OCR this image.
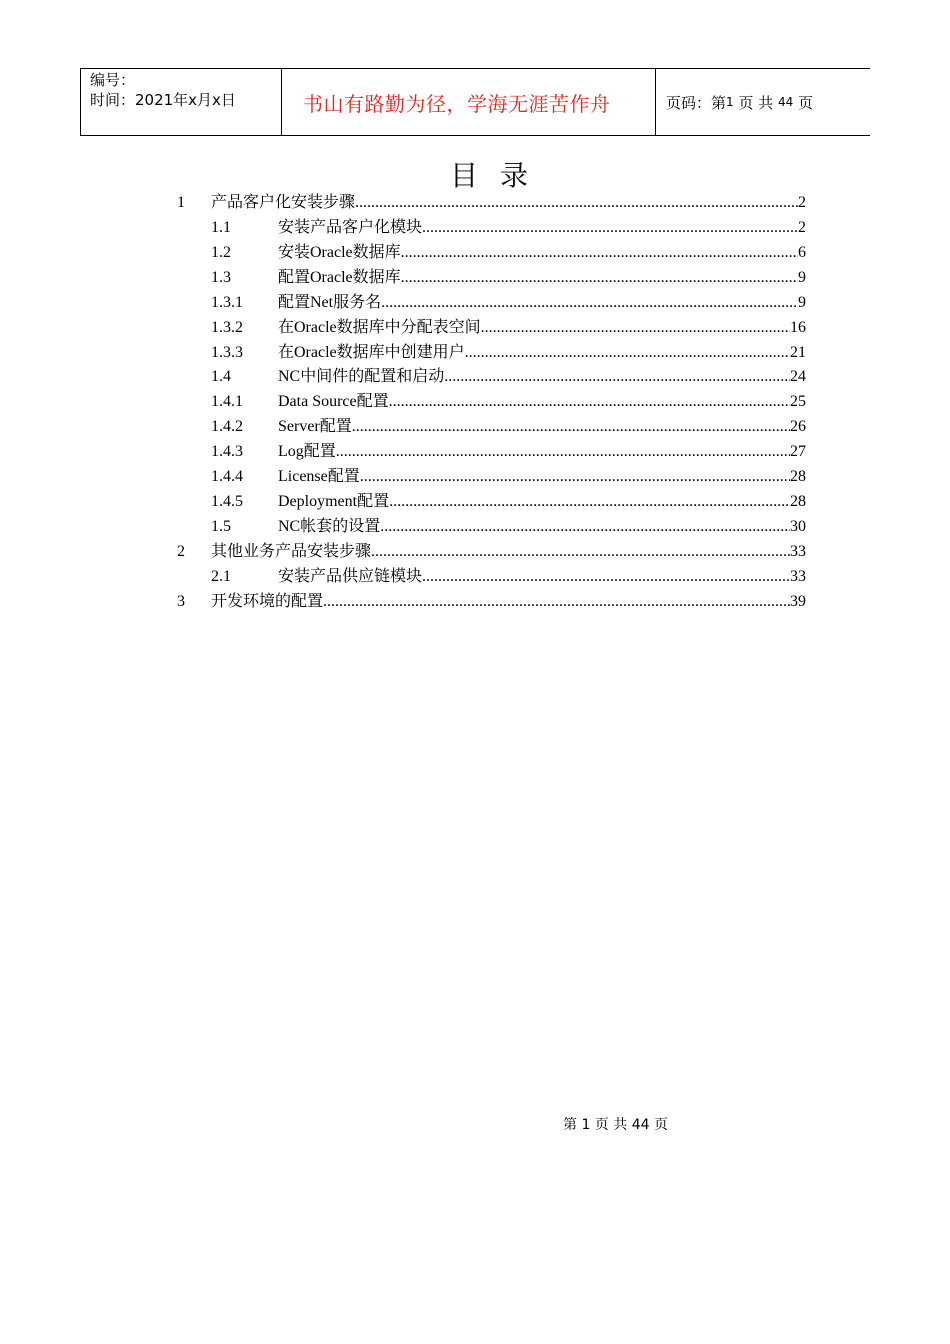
编号：
时间：2021年x月x日	书山有路勤为径，学海无涯苦作舟	页码：第 1
页 共
44
页
目录
1	产品客户化安装步骤 .....	2
1.1	安装产品客户化模块 .....	2
1.2	安装Oracle数据库 .....	6
1.3	配置Oracle数据库 .....	9
1.3.1	配置Net服务名 .....	9
1.3.2	在Oracle数据库中分配表空间 .....	16
1.3.3	在Oracle数据库中创建用户 .....	21
1.4	NC中间件的配置和启动 .....	24
1.4.1	Data Source配置 .....	25
1.4.2	Server配置 .....	26
1.4.3	Log配置 .....	27
1.4.4	License配置 .....	28
1.4.5	Deployment配置 .....	28
1.5	NC帐套的设置 .....	30
2	其他业务产品安装步骤 .....	33
2.1	安装产品供应链模块 .....	33
3	开发环境的配置 .....	39
第 1 页 共 44 页
